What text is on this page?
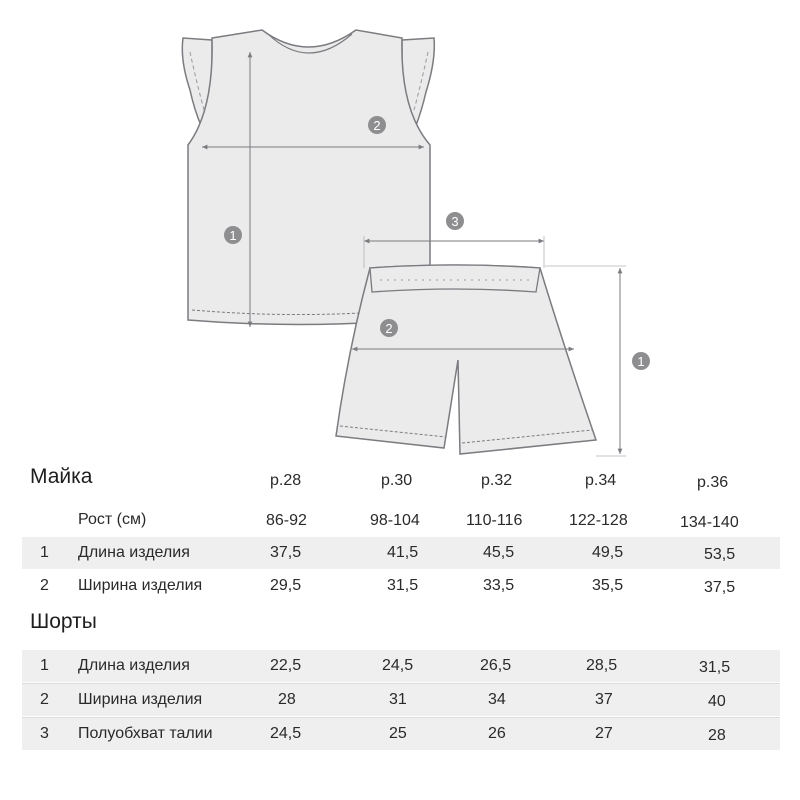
1
2
3
2
1
Майка	р.28	р.30	р.32	р.34	р.36
Рост (см)	86-92	98-104	110-116	122-128	134-140
1 Длина изделия	37,5	41,5	45,5	49,5	53,5
2 Ширина изделия	29,5	31,5	33,5	35,5	37,5
Шорты
1 Длина изделия	22,5	24,5	26,5	28,5	31,5
2 Ширина изделия	28	31	34	37	40
3 Полуобхват талии	24,5	25	26	27	28
